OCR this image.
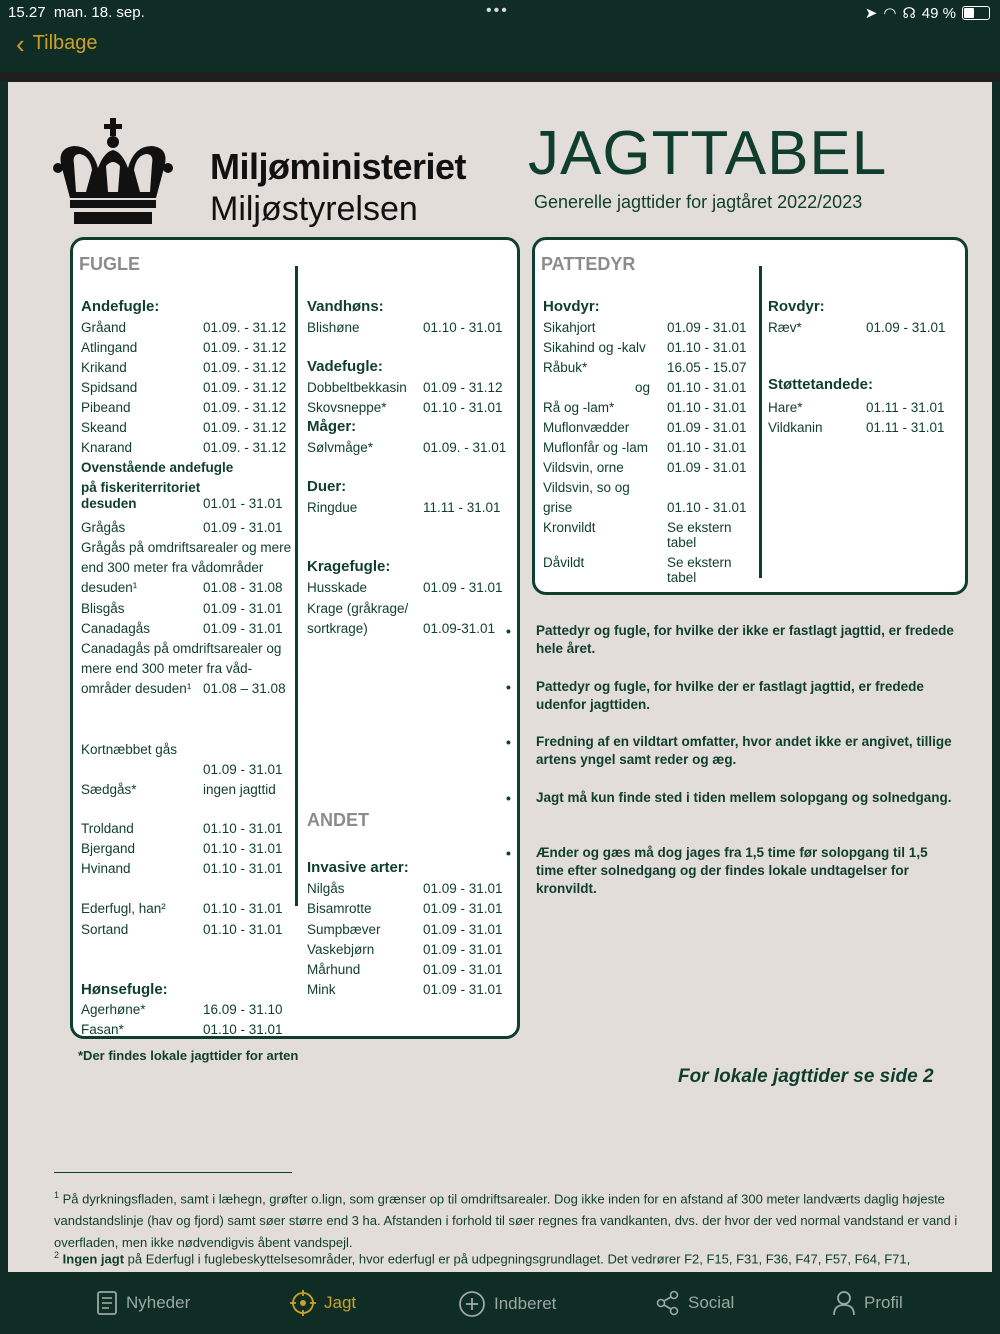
15.27 man. 18. sep.	•••	➤ ◠ ☊ 49 %
‹ Tilbage
Miljøministeriet
Miljøstyrelsen
JAGTTABEL
Generelle jagttider for jagtåret 2022/2023
FUGLE
Andefugle:
Gråand	01.09. - 31.12
Atlingand	01.09. - 31.12
Krikand	01.09. - 31.12
Spidsand	01.09. - 31.12
Pibeand	01.09. - 31.12
Skeand	01.09. - 31.12
Knarand	01.09. - 31.12
Ovenstående andefugle
på fiskeriterritoriet
desuden	01.01 - 31.01
Grågås	01.09 - 31.01
Grågås på omdriftsarealer og mere
end 300 meter fra vådområder
desuden¹	01.08 - 31.08
Blisgås	01.09 - 31.01
Canadagås	01.09 - 31.01
Canadagås på omdriftsarealer og
mere end 300 meter fra våd-
områder desuden¹ 01.08 – 31.08
Kortnæbbet gås
01.09 - 31.01
Sædgås*	ingen jagttid
Troldand	01.10 - 31.01
Bjergand	01.10 - 31.01
Hvinand	01.10 - 31.01
Ederfugl, han²	01.10 - 31.01
Sortand	01.10 - 31.01
Hønsefugle:
Agerhøne*	16.09 - 31.10
Fasan*	01.10 - 31.01
Vandhøns:
Blishøne	01.10 - 31.01
Vadefugle:
Dobbeltbekkasin 01.09 - 31.12
Skovsneppe*	01.10 - 31.01
Måger:
Sølvmåge*	01.09. - 31.01
Duer:
Ringdue	11.11 - 31.01
Kragefugle:
Husskade	01.09 - 31.01
Krage (gråkrage/
sortkrage)	01.09-31.01
Invasive arter:
Nilgås	01.09 - 31.01
Bisamrotte	01.09 - 31.01
Sumpbæver	01.09 - 31.01
Vaskebjørn	01.09 - 31.01
Mårhund	01.09 - 31.01
Mink	01.09 - 31.01
ANDET
PATTEDYR
Hovdyr:
Sikahjort	01.09 - 31.01
Sikahind og -kalv 01.10 - 31.01
Råbuk*	16.05 - 15.07
og 01.10 - 31.01
Rå og -lam*	01.10 - 31.01
Muflonvædder	01.09 - 31.01
Muflonfår og -lam 01.10 - 31.01
Vildsvin, orne	01.09 - 31.01
Vildsvin, so og
grise	01.10 - 31.01
Kronvildt	Se ekstern
tabel
Dåvildt	Se ekstern
tabel
Rovdyr:
Ræv*	01.09 - 31.01
Støttetandede:
Hare*	01.11 - 31.01
Vildkanin	01.11 - 31.01
• Pattedyr og fugle, for hvilke der ikke er fastlagt jagttid, er fredede hele året.
• Pattedyr og fugle, for hvilke der er fastlagt jagttid, er fredede udenfor jagttiden.
• Fredning af en vildtart omfatter, hvor andet ikke er angivet, tillige artens yngel samt reder og æg.
• Jagt må kun finde sted i tiden mellem solopgang og solnedgang.
• Ænder og gæs må dog jages fra 1,5 time før solopgang til 1,5 time efter solnedgang og der findes lokale undtagelser for kronvildt.
*Der findes lokale jagttider for arten
For lokale jagttider se side 2
$^1$ På dyrkningsfladen, samt i læhegn, grøfter o.lign, som grænser op til omdriftsarealer. Dog ikke inden for en afstand af 300 meter landværts daglig højeste vandstandslinje (hav og fjord) samt søer større end 3 ha. Afstanden i forhold til søer regnes fra vandkanten, dvs. der hvor der ved normal vandstand er vand i overfladen, men ikke nødvendigvis åbent vandspejl.
$^2$ Ingen jagt på Ederfugl i fuglebeskyttelsesområder, hvor ederfugl er på udpegningsgrundlaget. Det vedrører F2, F15, F31, F36, F47, F57, F64, F71,
Nyheder	Jagt	Indberet	Social	Profil
